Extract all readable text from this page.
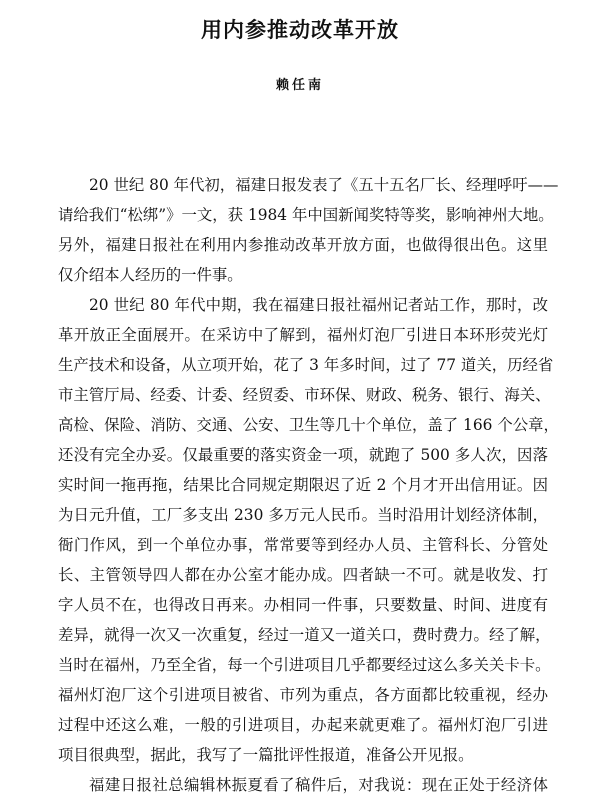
用内参推动改革开放
赖任南
20 世纪 80 年代初，福建日报发表了《五十五名厂长、经理呼吁——
请给我们“松绑”》一文，获 1984 年中国新闻奖特等奖，影响神州大地。
另外，福建日报社在利用内参推动改革开放方面，也做得很出色。这里
仅介绍本人经历的一件事。
20 世纪 80 年代中期，我在福建日报社福州记者站工作，那时，改
革开放正全面展开。在采访中了解到，福州灯泡厂引进日本环形荧光灯
生产技术和设备，从立项开始，花了 3 年多时间，过了 77 道关，历经省
市主管厅局、经委、计委、经贸委、市环保、财政、税务、银行、海关、
高检、保险、消防、交通、公安、卫生等几十个单位，盖了 166 个公章，
还没有完全办妥。仅最重要的落实资金一项，就跑了 500 多人次，因落
实时间一拖再拖，结果比合同规定期限迟了近 2 个月才开出信用证。因
为日元升值，工厂多支出 230 多万元人民币。当时沿用计划经济体制，
衙门作风，到一个单位办事，常常要等到经办人员、主管科长、分管处
长、主管领导四人都在办公室才能办成。四者缺一不可。就是收发、打
字人员不在，也得改日再来。办相同一件事，只要数量、时间、进度有
差异，就得一次又一次重复，经过一道又一道关口，费时费力。经了解，
当时在福州，乃至全省，每一个引进项目几乎都要经过这么多关关卡卡。
福州灯泡厂这个引进项目被省、市列为重点，各方面都比较重视，经办
过程中还这么难，一般的引进项目，办起来就更难了。福州灯泡厂引进
项目很典型，据此，我写了一篇批评性报道，准备公开见报。
福建日报社总编辑林振夏看了稿件后，对我说：现在正处于经济体
